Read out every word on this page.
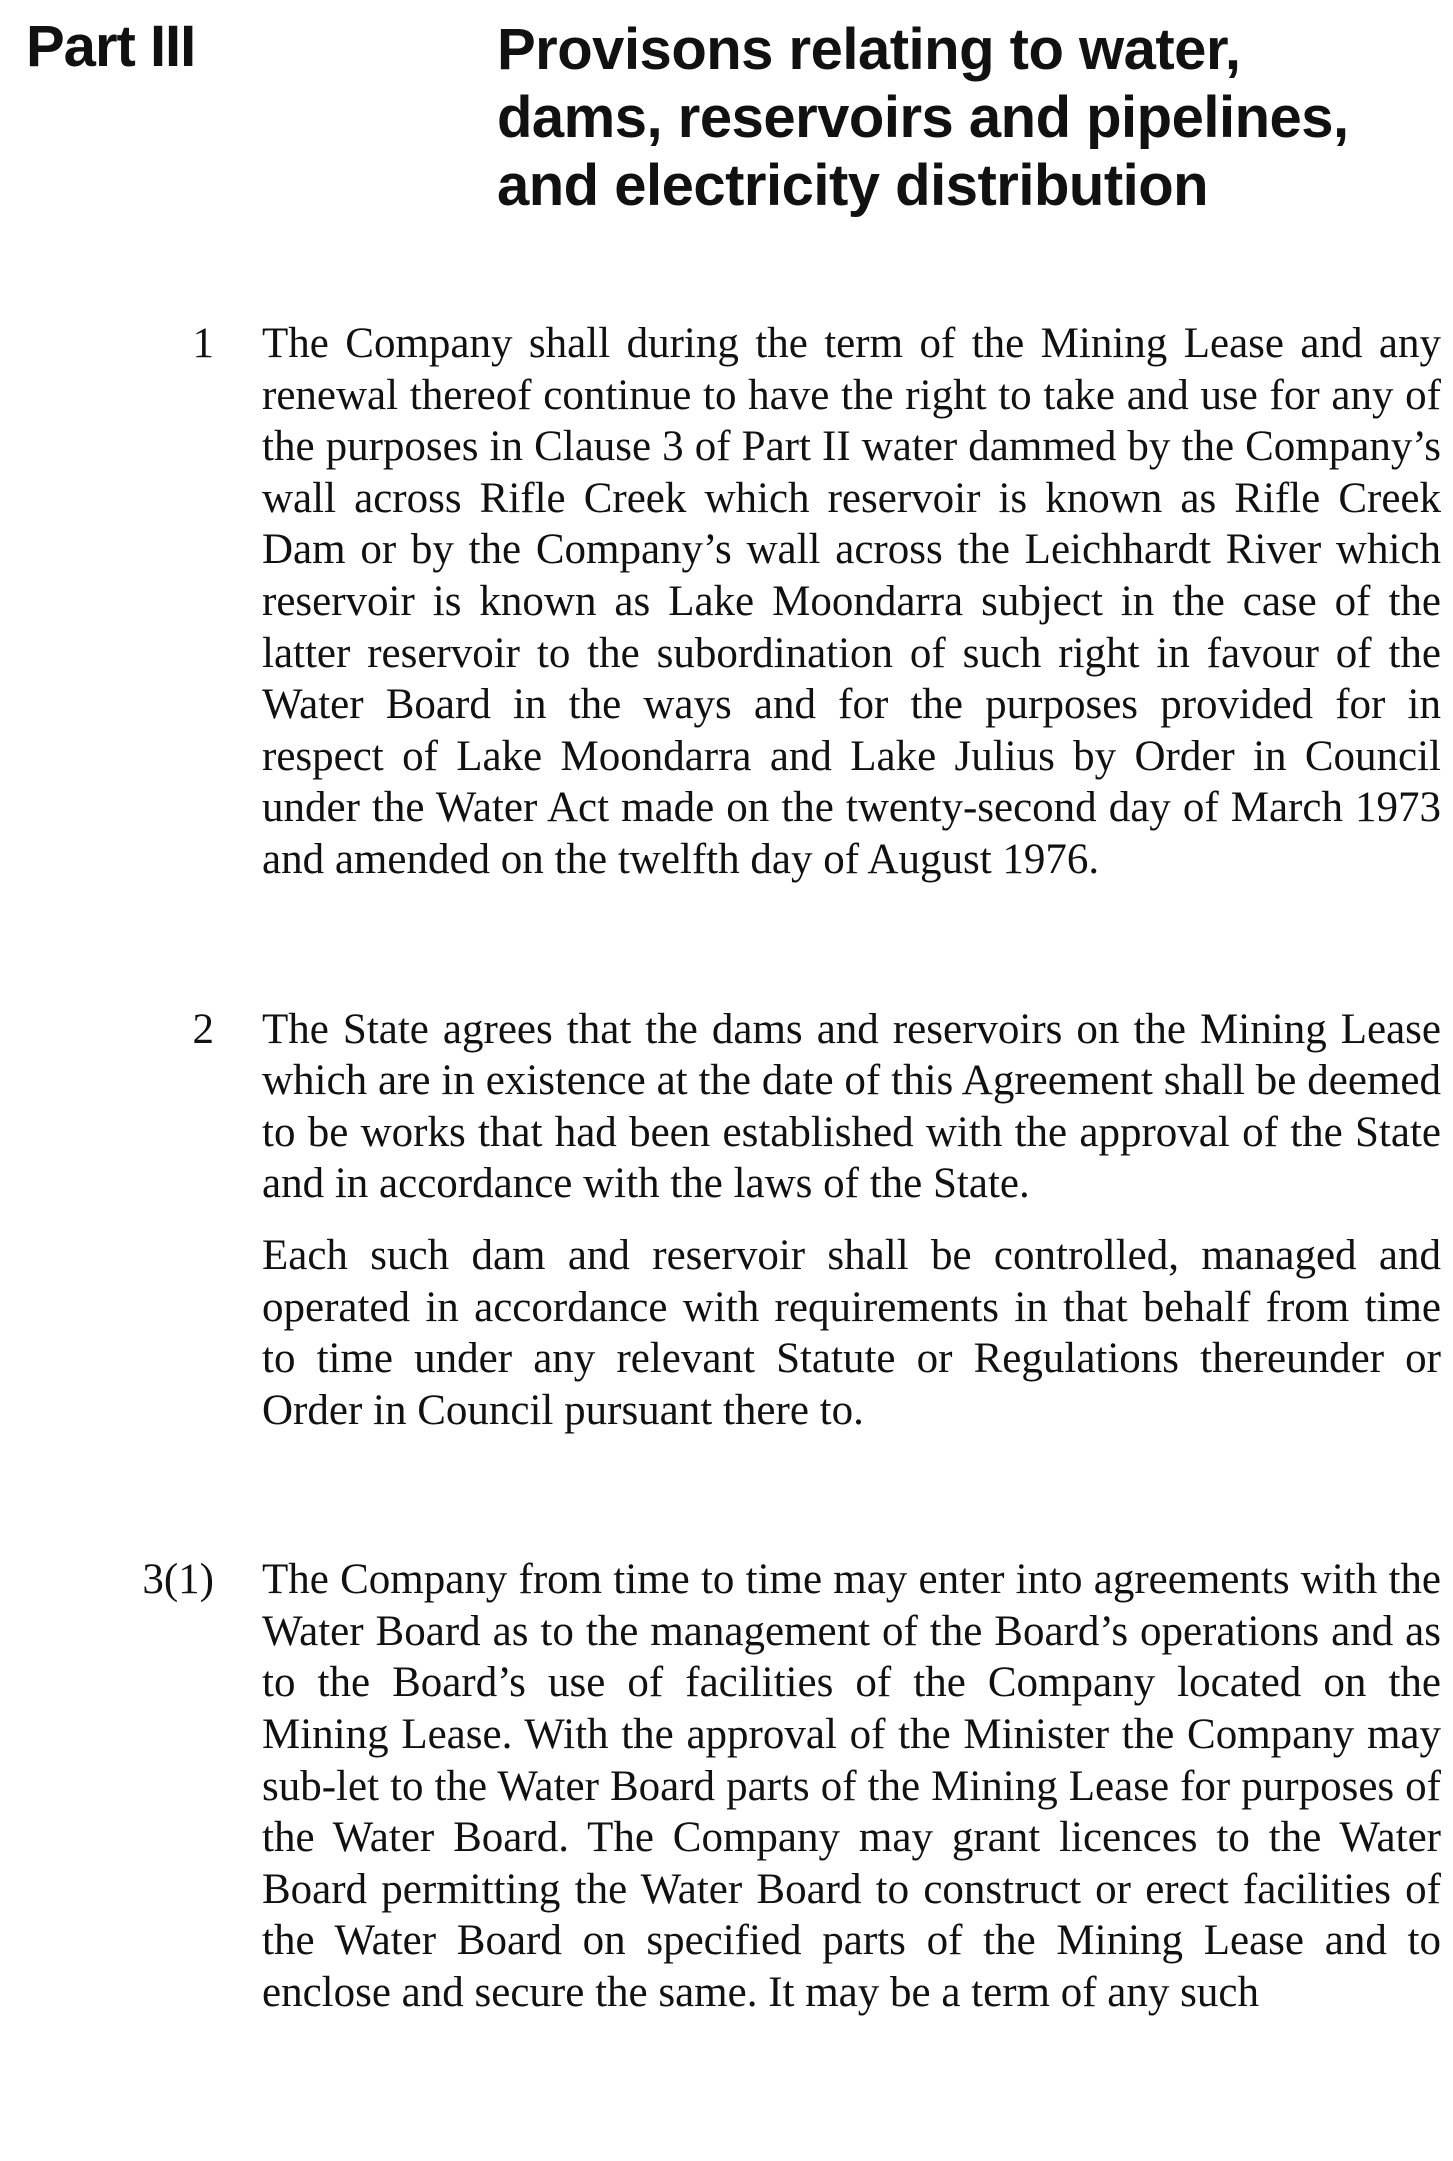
Part III	Provisons relating to water,
dams, reservoirs and pipelines,
and electricity distribution
1 The Company shall during the term of the Mining Lease and any renewal thereof continue to have the right to take and use for any of the purposes in Clause 3 of Part II water dammed by the Company’s wall across Rifle Creek which reservoir is known as Rifle Creek Dam or by the Company’s wall across the Leichhardt River which reservoir is known as Lake Moondarra subject in the case of the latter reservoir to the subordination of such right in favour of the Water Board in the ways and for the purposes provided for in respect of Lake Moondarra and Lake Julius by Order in Council under the Water Act made on the twenty-second day of March 1973 and amended on the twelfth day of August 1976.

2 The State agrees that the dams and reservoirs on the Mining Lease which are in existence at the date of this Agreement shall be deemed to be works that had been established with the approval of the State and in accordance with the laws of the State.

Each such dam and reservoir shall be controlled, managed and operated in accordance with requirements in that behalf from time to time under any relevant Statute or Regulations thereunder or Order in Council pursuant there to.

3(1) The Company from time to time may enter into agreements with the Water Board as to the management of the Board’s operations and as to the Board’s use of facilities of the Company located on the Mining Lease. With the approval of the Minister the Company may sub-let to the Water Board parts of the Mining Lease for purposes of the Water Board. The Company may grant licences to the Water Board permitting the Water Board to construct or erect facilities of the Water Board on specified parts of the Mining Lease and to enclose and secure the same. It may be a term of any such
